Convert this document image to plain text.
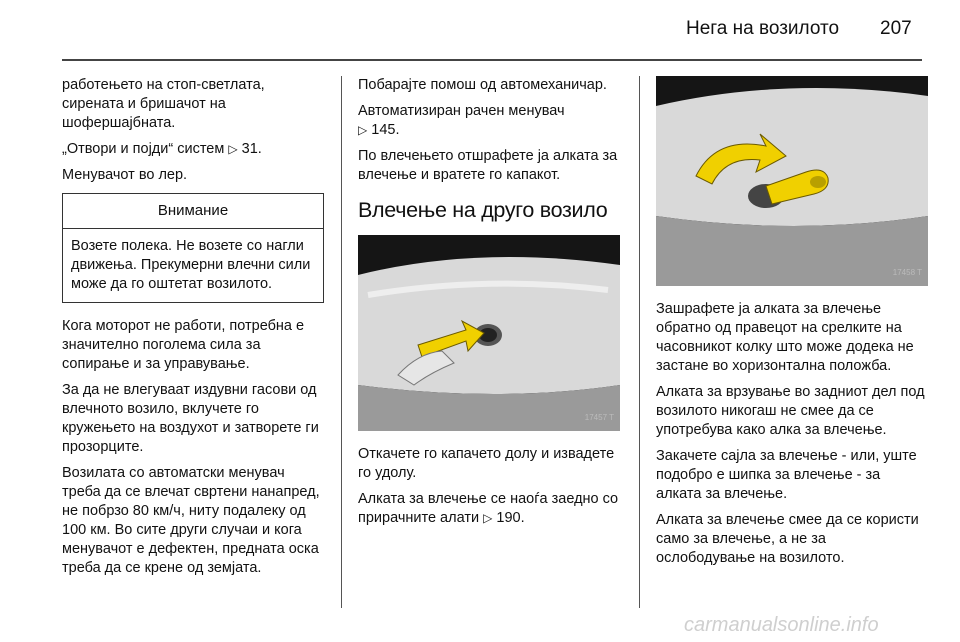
Нега на возилото 207

работењето на стоп-светлата, сирената и бришачот на шофершајбната.

„Отвори и појди“ систем ▷ 31.

Менувачот во лер.

Внимание
Возете полека. Не возете со нагли движења. Прекумерни влечни сили може да го оштетат возилото.

Кога моторот не работи, потребна е значително поголема сила за сопирање и за управување.

За да не влегуваат издувни гасови од влечното возило, вклучете го кружењето на воздухот и затворете ги прозорците.

Возилата со автоматски менувач треба да се влечат свртени нанапред, не побрзо 80 км/ч, ниту подалеку од 100 км. Во сите други случаи и кога менувачот е дефектен, предната оска треба да се крене од земјата.

Побарајте помош од автомеханичар.

Автоматизиран рачен менувач
▷ 145.

По влечењето отшрафете ја алката за влечење и вратете го капакот.

Влечење на друго возило
17457 T

Откачете го капачето долу и извадете го удолу.

Алката за влечење се наоѓа заедно со прирачните алати ▷ 190.

17458 T

Зашрафете ја алката за влечење обратно од правецот на срелките на часовникот колку што може додека не застане во хоризонтална положба.

Алката за врзување во задниот дел под возилото никогаш не смее да се употребува како алка за влечење.

Закачете сајла за влечење - или, уште подобро е шипка за влечење - за алката за влечење.

Алката за влечење смее да се користи само за влечење, а не за ослободување на возилото.

carmanualsonline.info
